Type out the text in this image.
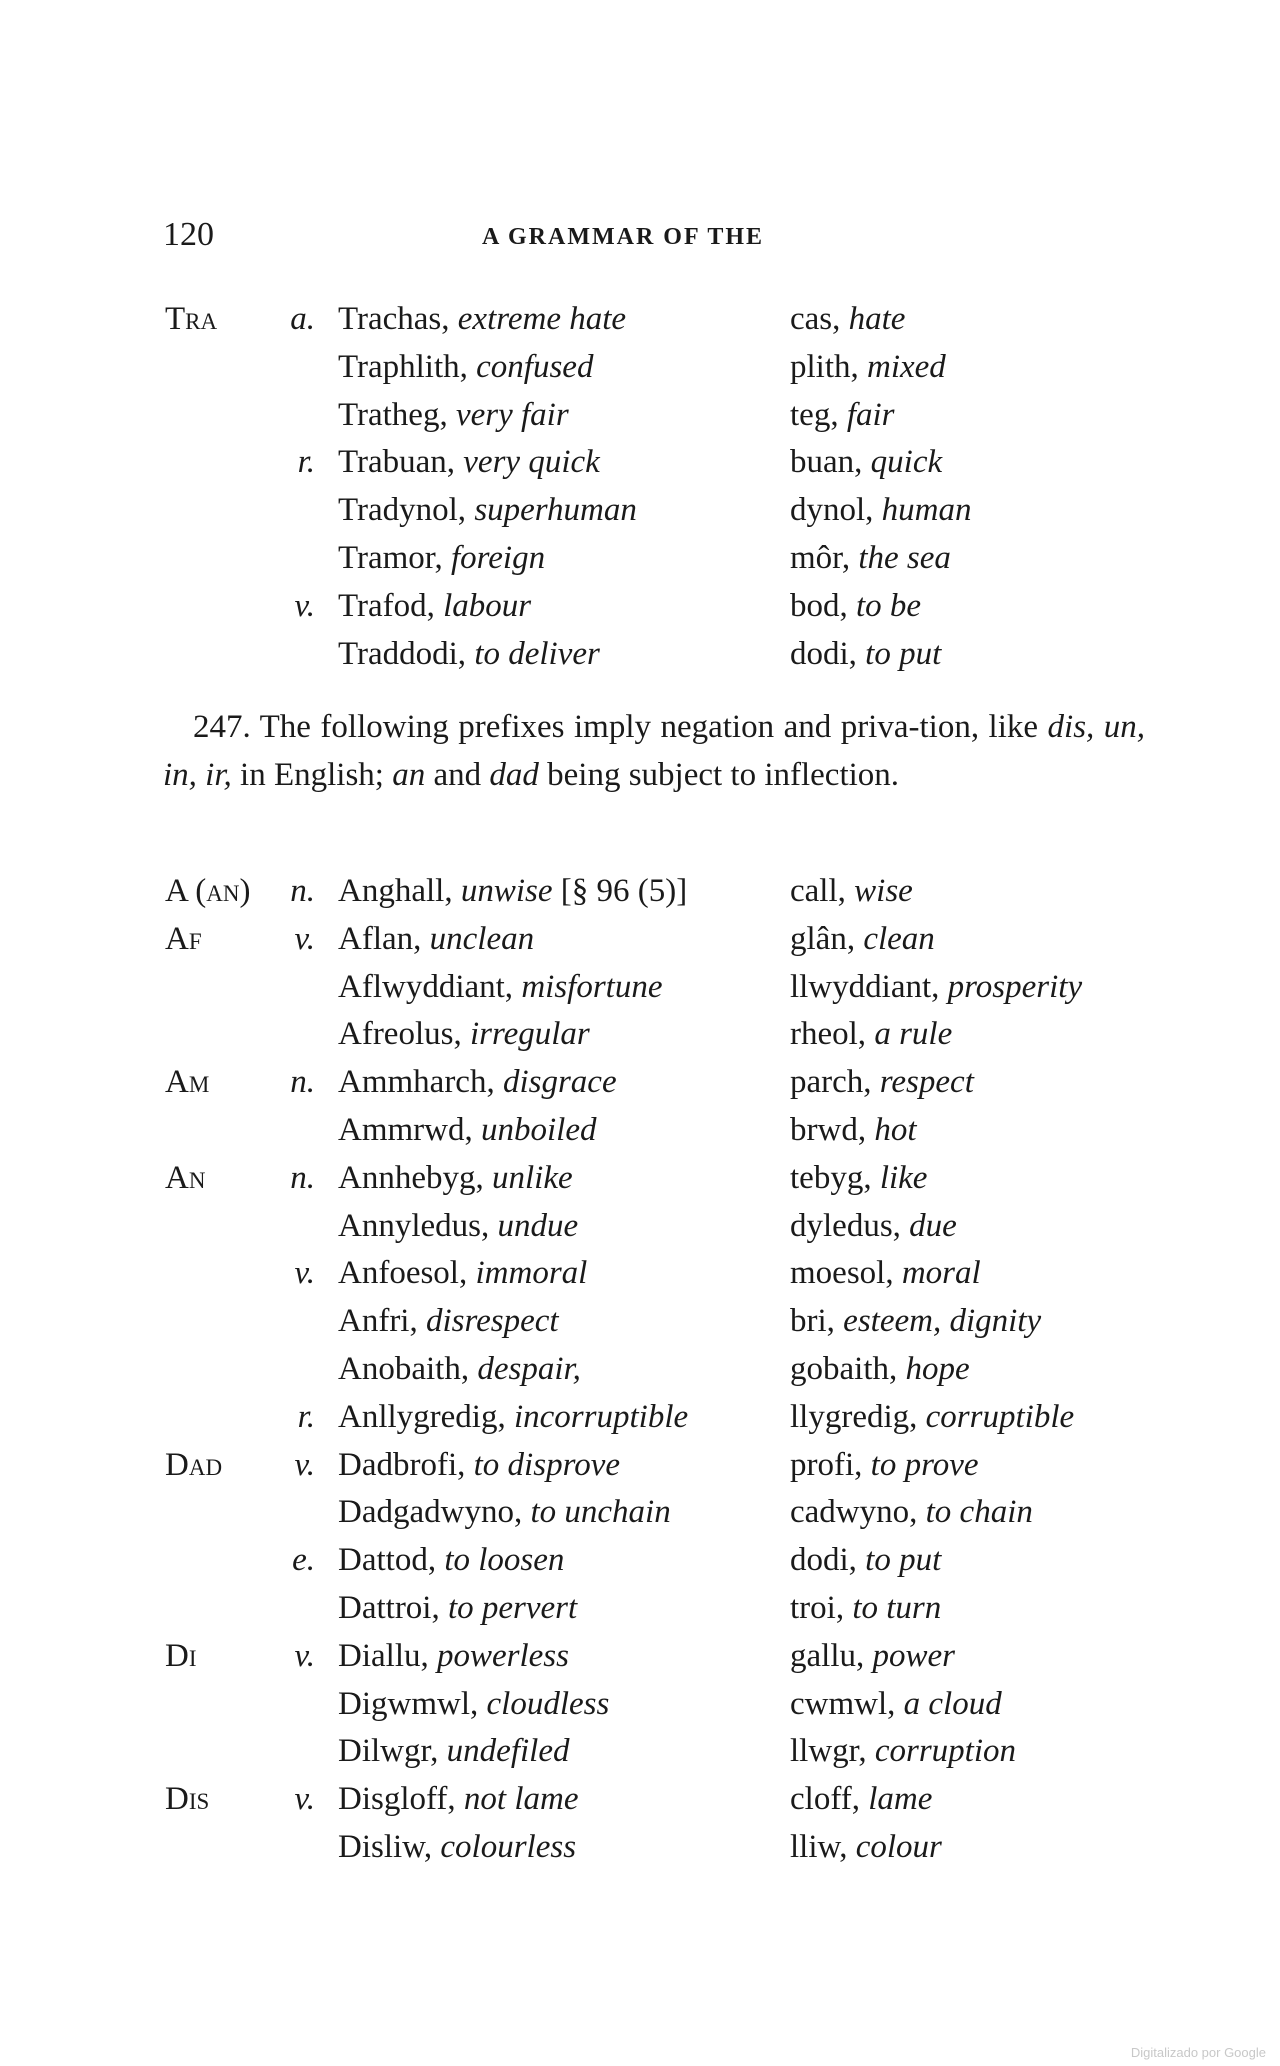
120	A GRAMMAR OF THE
Tra	a. Trachas, extreme hate	cas, hate
Traphlith, confused	plith, mixed
Tratheg, very fair	teg, fair
r. Trabuan, very quick	buan, quick
Tradynol, superhuman	dynol, human
Tramor, foreign	môr, the sea
v. Trafod, labour	bod, to be
Traddodi, to deliver	dodi, to put
247. The following prefixes imply negation and priva-tion, like dis, un, in, ir, in English; an and dad being subject to inflection.
A (an)	n. Anghall, unwise [§ 96 (5)]	call, wise
Af	v. Aflan, unclean	glân, clean
Aflwyddiant, misfortune	llwyddiant, prosperity
Afreolus, irregular	rheol, a rule
Am	n. Ammharch, disgrace	parch, respect
Ammrwd, unboiled	brwd, hot
An	n. Annhebyg, unlike	tebyg, like
Annyledus, undue	dyledus, due
v. Anfoesol, immoral	moesol, moral
Anfri, disrespect	bri, esteem, dignity
Anobaith, despair,	gobaith, hope
r. Anllygredig, incorruptible	llygredig, corruptible
Dad	v. Dadbrofi, to disprove	profi, to prove
Dadgadwyno, to unchain	cadwyno, to chain
e. Dattod, to loosen	dodi, to put
Dattroi, to pervert	troi, to turn
Di	v. Diallu, powerless	gallu, power
Digwmwl, cloudless	cwmwl, a cloud
Dilwgr, undefiled	llwgr, corruption
Dis	v. Disgloff, not lame	cloff, lame
Disliw, colourless	lliw, colour
Digitalizado por Google
